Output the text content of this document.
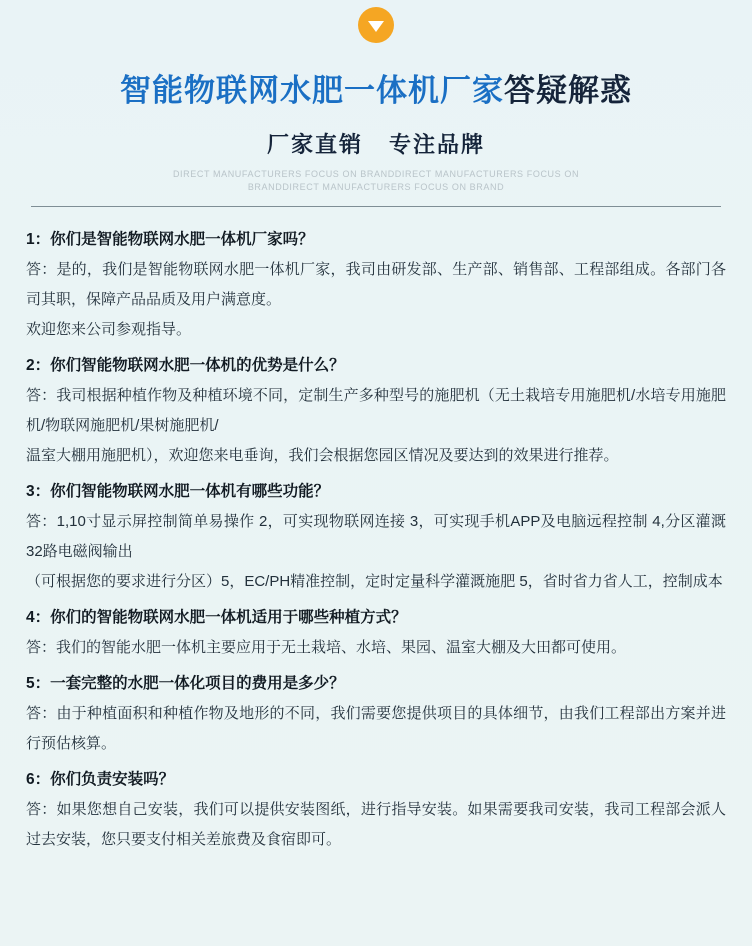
智能物联网水肥一体机厂家答疑解惑
厂家直销 专注品牌
DIRECT MANUFACTURERS FOCUS ON BRANDDIRECT MANUFACTURERS FOCUS ON
BRANDDIRECT MANUFACTURERS FOCUS ON BRAND
1：你们是智能物联网水肥一体机厂家吗？
答：是的，我们是智能物联网水肥一体机厂家，我司由研发部、生产部、销售部、工程部组成。各部门各司其职，保障产品品质及用户满意度。
欢迎您来公司参观指导。
2：你们智能物联网水肥一体机的优势是什么？
答：我司根据种植作物及种植环境不同，定制生产多种型号的施肥机（无土栽培专用施肥机/水培专用施肥机/物联网施肥机/果树施肥机/
温室大棚用施肥机），欢迎您来电垂询，我们会根据您园区情况及要达到的效果进行推荐。
3：你们智能物联网水肥一体机有哪些功能？
答：1,10寸显示屏控制简单易操作 2，可实现物联网连接 3，可实现手机APP及电脑远程控制 4,分区灌溉32路电磁阀输出
（可根据您的要求进行分区）5，EC/PH精准控制，定时定量科学灌溉施肥 5，省时省力省人工，控制成本
4：你们的智能物联网水肥一体机适用于哪些种植方式？
答：我们的智能水肥一体机主要应用于无土栽培、水培、果园、温室大棚及大田都可使用。
5：一套完整的水肥一体化项目的费用是多少？
答：由于种植面积和种植作物及地形的不同，我们需要您提供项目的具体细节，由我们工程部出方案并进行预估核算。
6：你们负责安装吗？
答：如果您想自己安装，我们可以提供安装图纸，进行指导安装。如果需要我司安装，我司工程部会派人过去安装，您只要支付相关差旅费及食宿即可。
